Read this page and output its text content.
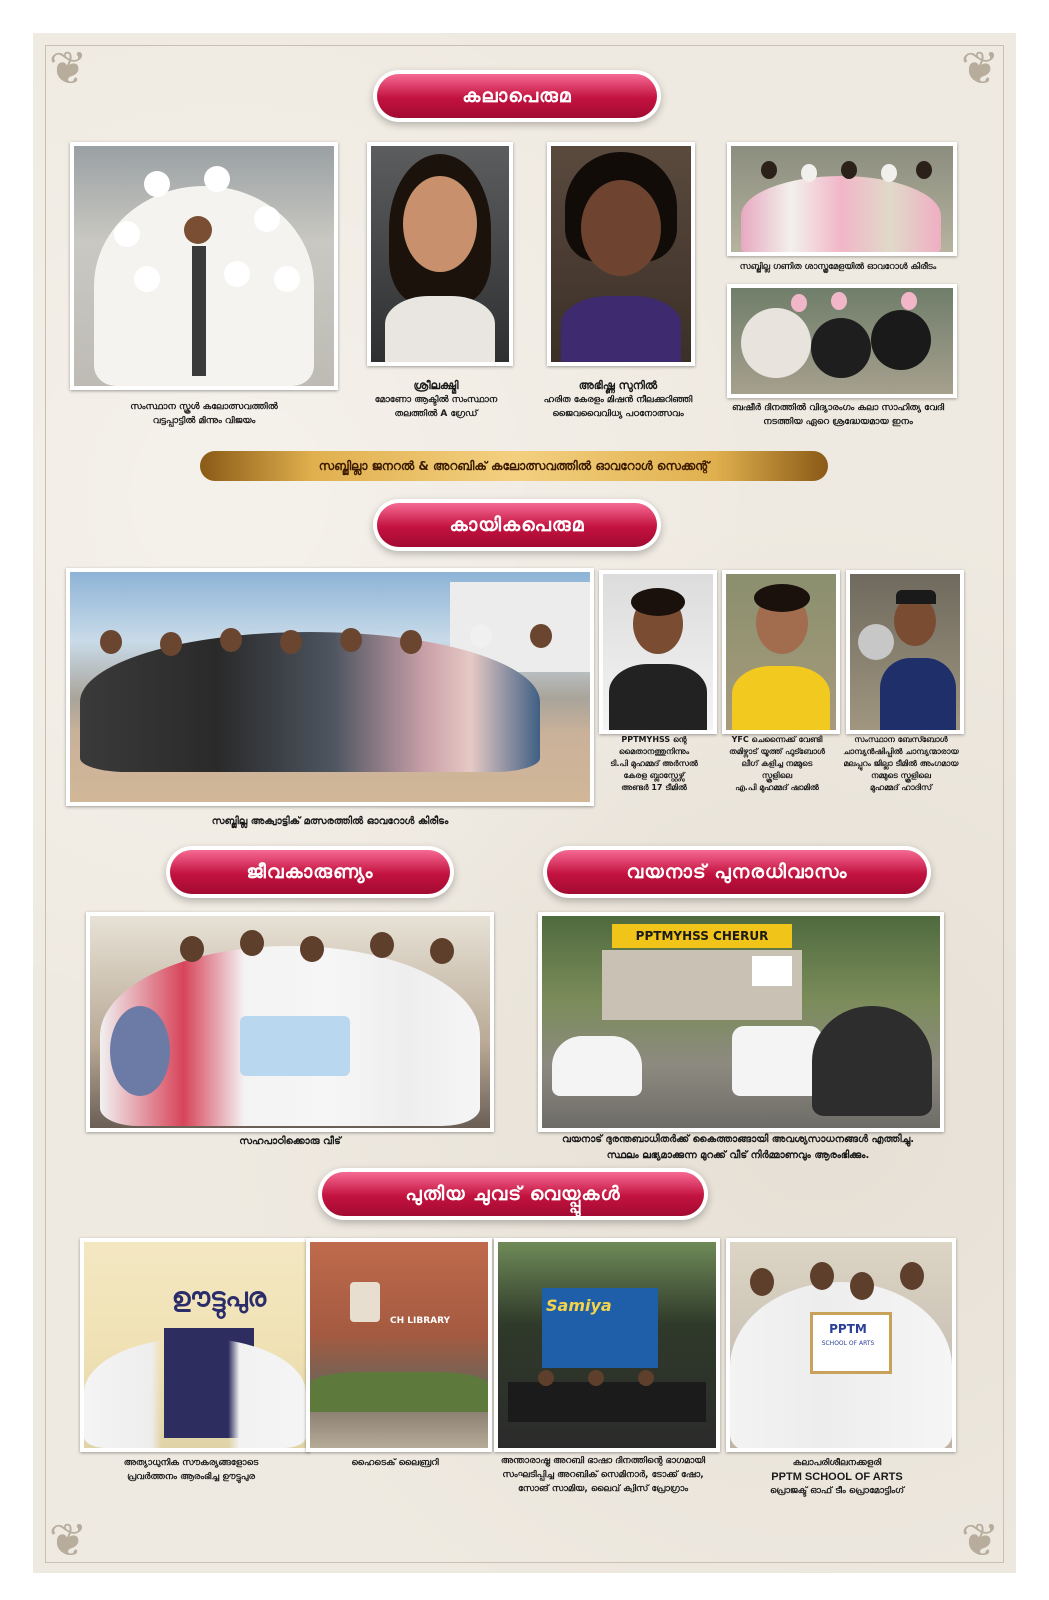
❦	❦
❦	❦
കലാപെരുമ
സംസ്ഥാന സ്കൂൾ കലോത്സവത്തിൽ
വട്ടപ്പാട്ടിൽ മിന്നും വിജയം
ശ്രീലക്ഷ്മി
മോണോ ആക്ടിൽ സംസ്ഥാന
തലത്തിൽ A ഗ്രേഡ്
അഭിഷ്ണ സുനിൽ
ഹരിത കേരളം മിഷൻ നീലക്കുറിഞ്ഞി
ജൈവവൈവിധ്യ പഠനോത്സവം
സബ്ജില്ല ഗണിത ശാസ്ത്രമേളയിൽ ഓവറോൾ കിരീടം
ബഷീർ ദിനത്തിൽ വിദ്യാരംഗം കലാ സാഹിത്യ വേദി
നടത്തിയ ഏറെ ശ്രദ്ധേയമായ ഇനം
സബ്ജില്ലാ ജനറൽ & അറബിക് കലോത്സവത്തിൽ ഓവറോൾ സെക്കന്റ്
കായികപെരുമ
സബ്ജില്ല അക്വാട്ടിക് മത്സരത്തിൽ ഓവറോൾ കിരീടം
PPTMYHSS ന്റെ
മൈതാനത്തുനിന്നും
ടി.പി മുഹമ്മദ് അർസൽ
കേരള ബ്ലാസ്റ്റേഴ്സ്
അണ്ടർ 17 ടീമിൽ
YFC ചെന്നൈക്ക് വേണ്ടി
തമിഴ്നാട് യൂത്ത് ഫുട്ബോൾ
ലീഗ് കളിച്ച നമ്മുടെ
സ്കൂളിലെ
എ.പി മുഹമ്മദ് ഷാമിൽ
സംസ്ഥാന ബേസ്ബോൾ
ചാമ്പ്യൻഷിപ്പിൽ ചാമ്പ്യന്മാരായ
മലപ്പുറം ജില്ലാ ടീമിൽ അംഗമായ
നമ്മുടെ സ്കൂളിലെ
മുഹമ്മദ് ഹാദിസ്
ജീവകാരുണ്യം	വയനാട് പുനരധിവാസം
സഹപാഠിക്കൊരു വീട്
PPTMYHSS CHERUR
വയനാട് ദുരന്തബാധിതർക്ക് കൈത്താങ്ങായി അവശ്യസാധനങ്ങൾ എത്തിച്ചു.
സ്ഥലം ലഭ്യമാക്കുന്ന മുറക്ക് വീട് നിർമ്മാണവും ആരംഭിക്കും.
പുതിയ ചുവട് വെയ്പ്പുകൾ
ഊട്ടുപുര
അത്യാധുനിക സൗകര്യങ്ങളോടെ
പ്രവർത്തനം ആരംഭിച്ച ഊട്ടുപുര
CH LIBRARY
ഹൈടെക് ലൈബ്രറി
Samiya
അന്താരാഷ്ട്ര അറബി ഭാഷാ ദിനത്തിന്റെ ഭാഗമായി
സംഘടിപ്പിച്ച അറബിക് സെമിനാർ, ടോക്ക് ഷോ,
സോങ് സാമിയ, ലൈവ് ക്വിസ് പ്രോഗ്രാം
PPTM
SCHOOL OF ARTS
കലാപരിശീലനക്കളരി
PPTM SCHOOL OF ARTS
പ്രൊജക്ട് ഓഫ് ടീം പ്രൊമോട്ടിംഗ്
